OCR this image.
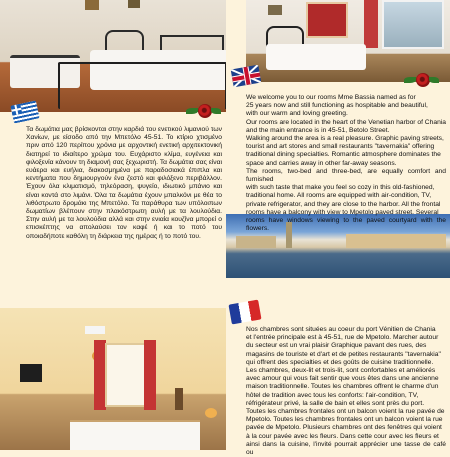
Τα δωμάτια μας βρίσκονται στην καρδιά του ενετικού λιμανιού των Χανίων, με είσοδο από την Μπετόλο 45-51. Το κτίριο χτισμένο πριν από 120 περίπου χρόνια με αρχοντική ενετική αρχιτεκτονική διατηρεί το ιδιαίτερο χρώμα του. Ευχάριστο κλίμα, ευγένεια και φιλοξενία κάνουν τη διαμονή σας ξεχωριστή. Τα δωμάτια σας είναι ευάερα και ευήλια, διακοσμημένα με παραδοσιακά έπιπλα και κεντήματα που δημιουργούν ένα ζεστό και φιλόξενο περιβάλλον. Έχουν όλα κλιματισμό, τηλεόραση, ψυγείο, ιδιωτικό μπάνιο και είναι κοντά στο λιμάνι. Όλα τα δωμάτια έχουν μπαλκόνι με θέα το λιθόστρωτο δρομάκι της Μπετόλο. Τα παράθυρα των υπόλοιπων δωματίων βλέπουν στην πλακόστρωτη αυλή με τα λουλούδια. Στην αυλή με τα λουλούδια αλλά και στην ενιαία κουζίνα μπορεί ο επισκέπτης να απολαύσει τον καφέ ή και το ποτό του οποιαδήποτε καθόλη τη διάρκεια της ημέρας ή το ποτό του.

We welcome you to our rooms Mme Bassia named as for
25 years now and still functioning as hospitable and beautiful,
with our warm and loving greeting.
Our rooms are located in the heart of the Venetian harbor of Chania
and the main entrance is in 45-51, Betolo Street.
Walking around the area is a real pleasure. Graphic paving streets,
tourist and art stores and small restaurants "tavernakia" offering
traditional dining specialties. Romantic atmosphere dominates the
space and carries away in other far-away seasons.
The rooms, two-bed and three-bed, are equally comfort and furnished
with such taste that make you feel so cozy in this old-fashioned,
traditional home. All rooms are equipped with air-condition, TV,
private refrigerator, and they are close to the harbor. All the frontal
rooms have a balcony with view to Mpetolo paved street. Several
rooms have windows viewing to the paved courtyard with the flowers.

Nos chambres sont situées au coeur du port Vénitien de Chania
et l'entrée principale est à 45-51, rue de Mpetolo. Marcher autour
du secteur est un vrai plaisir Graphique pavant des rues, des
magasins de touriste et d'art et de petites restaurants "tavernakia"
qui offrent des specialties et des goûts de cuisine traditionnelle.
Les chambres, deux-lit et trois-lit, sont confortables et améliorés
avec amour qui vous fait sentir que vous êtes dans une ancienne
maison traditionnelle. Toutes les chambres offrent le charme d'un
hôtel de tradition avec tous les conforts: l'air-condition, TV,
réfrigérateur privé, la salle de bain et elles sont près du port.
Toutes les chambres frontales ont un balcon voient la rue pavée de
Mpetolo. Toutes les chambres frontales ont un balcon voient la rue
pavée de Mpetolo. Plusieurs chambres ont des fenêtres qui voient
à la cour pavée avec les fleurs. Dans cette cour avec les fleurs et
ainsi dans la cuisine, l'invité pourrait apprécier une tasse de café ou
